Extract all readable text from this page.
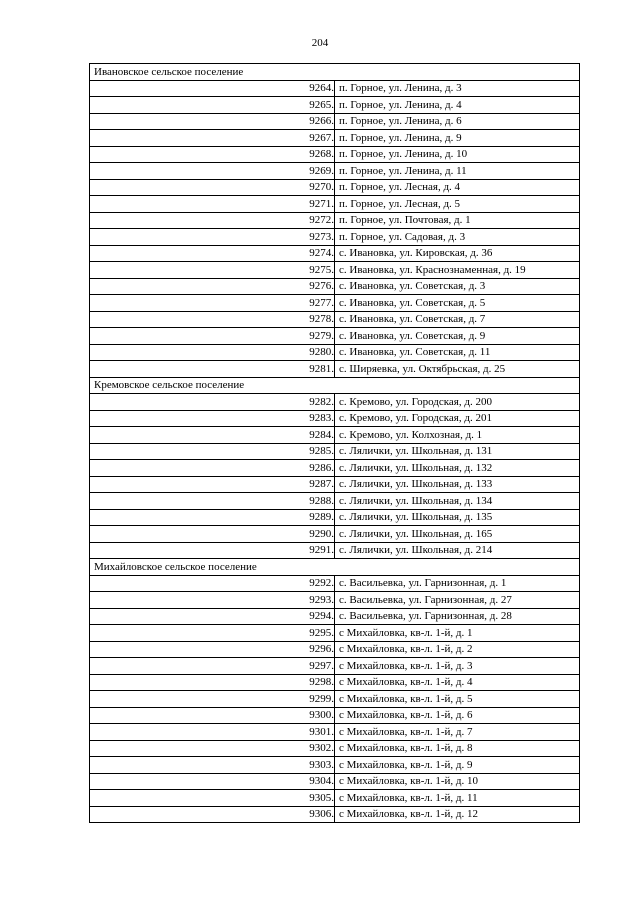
204
Ивановское сельское поселение	
9264.	п. Горное, ул. Ленина, д. 3
9265.	п. Горное, ул. Ленина, д. 4
9266.	п. Горное, ул. Ленина, д. 6
9267.	п. Горное, ул. Ленина, д. 9
9268.	п. Горное, ул. Ленина, д. 10
9269.	п. Горное, ул. Ленина, д. 11
9270.	п. Горное, ул. Лесная, д. 4
9271.	п. Горное, ул. Лесная, д. 5
9272.	п. Горное, ул. Почтовая, д. 1
9273.	п. Горное, ул. Садовая, д. 3
9274.	с. Ивановка, ул. Кировская, д. 36
9275.	с. Ивановка, ул. Краснознаменная, д. 19
9276.	с. Ивановка, ул. Советская, д. 3
9277.	с. Ивановка, ул. Советская, д. 5
9278.	с. Ивановка, ул. Советская, д. 7
9279.	с. Ивановка, ул. Советская, д. 9
9280.	с. Ивановка, ул. Советская, д. 11
9281.	с. Ширяевка, ул. Октябрьская, д. 25
Кремовское сельское поселение	
9282.	с. Кремово, ул. Городская, д. 200
9283.	с. Кремово, ул. Городская, д. 201
9284.	с. Кремово, ул. Колхозная, д. 1
9285.	с. Лялички, ул. Школьная, д. 131
9286.	с. Лялички, ул. Школьная, д. 132
9287.	с. Лялички, ул. Школьная, д. 133
9288.	с. Лялички, ул. Школьная, д. 134
9289.	с. Лялички, ул. Школьная, д. 135
9290.	с. Лялички, ул. Школьная, д. 165
9291.	с. Лялички, ул. Школьная, д. 214
Михайловское сельское поселение	
9292.	с. Васильевка, ул. Гарнизонная, д. 1
9293.	с. Васильевка, ул. Гарнизонная, д. 27
9294.	с. Васильевка, ул. Гарнизонная, д. 28
9295.	с Михайловка, кв-л. 1-й, д. 1
9296.	с Михайловка, кв-л. 1-й, д. 2
9297.	с Михайловка, кв-л. 1-й, д. 3
9298.	с Михайловка, кв-л. 1-й, д. 4
9299.	с Михайловка, кв-л. 1-й, д. 5
9300.	с Михайловка, кв-л. 1-й, д. 6
9301.	с Михайловка, кв-л. 1-й, д. 7
9302.	с Михайловка, кв-л. 1-й, д. 8
9303.	с Михайловка, кв-л. 1-й, д. 9
9304.	с Михайловка, кв-л. 1-й, д. 10
9305.	с Михайловка, кв-л. 1-й, д. 11
9306.	с Михайловка, кв-л. 1-й, д. 12
